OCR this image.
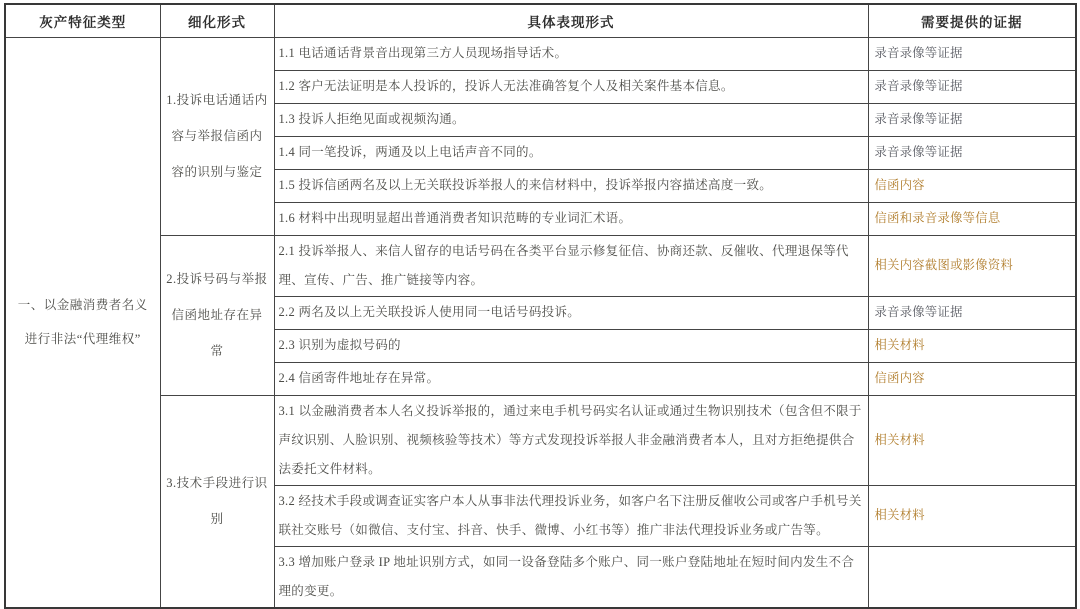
灰产特征类型	细化形式	具体表现形式	需要提供的证据
一、以金融消费者名义进行非法“代理维权”	1.投诉电话通话内容与举报信函内容的识别与鉴定	1.1 电话通话背景音出现第三方人员现场指导话术。	录音录像等证据
		1.2 客户无法证明是本人投诉的，投诉人无法准确答复个人及相关案件基本信息。	录音录像等证据
		1.3 投诉人拒绝见面或视频沟通。	录音录像等证据
		1.4 同一笔投诉，两通及以上电话声音不同的。	录音录像等证据
		1.5 投诉信函两名及以上无关联投诉举报人的来信材料中，投诉举报内容描述高度一致。	信函内容
		1.6 材料中出现明显超出普通消费者知识范畴的专业词汇术语。	信函和录音录像等信息
	2.投诉号码与举报信函地址存在异常	2.1 投诉举报人、来信人留存的电话号码在各类平台显示修复征信、协商还款、反催收、代理退保等代理、宣传、广告、推广链接等内容。	相关内容截图或影像资料
		2.2 两名及以上无关联投诉人使用同一电话号码投诉。	录音录像等证据
		2.3 识别为虚拟号码的	相关材料
		2.4 信函寄件地址存在异常。	信函内容
	3.技术手段进行识别	3.1 以金融消费者本人名义投诉举报的，通过来电手机号码实名认证或通过生物识别技术（包含但不限于声纹识别、人脸识别、视频核验等技术）等方式发现投诉举报人非金融消费者本人，且对方拒绝提供合法委托文件材料。	相关材料
		3.2 经技术手段或调查证实客户本人从事非法代理投诉业务，如客户名下注册反催收公司或客户手机号关联社交账号（如微信、支付宝、抖音、快手、微博、小红书等）推广非法代理投诉业务或广告等。	相关材料
		3.3 增加账户登录 IP 地址识别方式，如同一设备登陆多个账户、同一账户登陆地址在短时间内发生不合理的变更。	
